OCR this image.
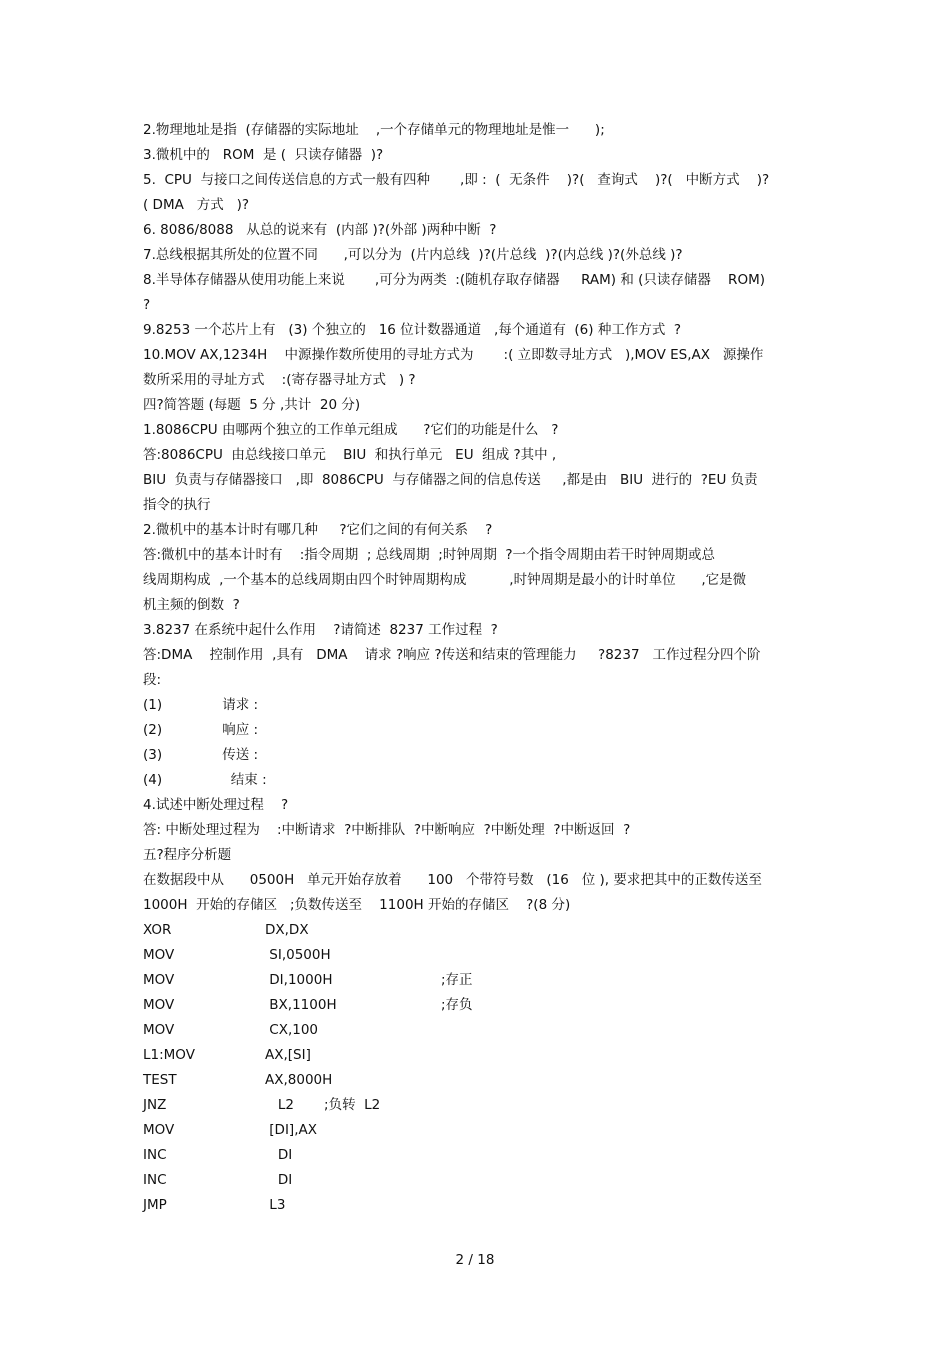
2.物理地址是指  (存储器的实际地址    ,一个存储单元的物理地址是惟一      );
3.微机中的   ROM  是 (  只读存储器  )?
5.  CPU  与接口之间传送信息的方式一般有四种       ,即 :  (  无条件    )?(   查询式    )?(   中断方式    )?
( DMA   方式   )?
6. 8086/8088   从总的说来有  (内部 )?(外部 )两种中断  ?
7.总线根据其所处的位置不同      ,可以分为  (片内总线  )?(片总线  )?(内总线 )?(外总线 )?
8.半导体存储器从使用功能上来说       ,可分为两类  :(随机存取存储器     RAM) 和 (只读存储器    ROM)
?
9.8253 一个芯片上有   (3) 个独立的   16 位计数器通道   ,每个通道有  (6) 种工作方式  ?
10.MOV AX,1234H    中源操作数所使用的寻址方式为       :( 立即数寻址方式   ),MOV ES,AX   源操作
数所采用的寻址方式    :(寄存器寻址方式   ) ?
四?简答题 (每题  5 分 ,共计  20 分)
1.8086CPU 由哪两个独立的工作单元组成      ?它们的功能是什么   ?
答:8086CPU  由总线接口单元    BIU  和执行单元   EU  组成 ?其中 ,
BIU  负责与存储器接口   ,即  8086CPU  与存储器之间的信息传送     ,都是由   BIU  进行的  ?EU 负责
指令的执行
2.微机中的基本计时有哪几种     ?它们之间的有何关系    ?
答:微机中的基本计时有    :指令周期  ; 总线周期  ;时钟周期  ?一个指令周期由若干时钟周期或总
线周期构成  ,一个基本的总线周期由四个时钟周期构成          ,时钟周期是最小的计时单位      ,它是微
机主频的倒数  ?
3.8237 在系统中起什么作用    ?请简述  8237 工作过程  ?
答:DMA    控制作用  ,具有   DMA    请求 ?响应 ?传送和结束的管理能力     ?8237   工作过程分四个阶
段:
(1)              请求 :
(2)              响应 :
(3)              传送 :
(4)                结束 :
4.试述中断处理过程    ?
答: 中断处理过程为    :中断请求  ?中断排队  ?中断响应  ?中断处理  ?中断返回  ?
五?程序分析题
在数据段中从      0500H   单元开始存放着      100   个带符号数   (16   位 ), 要求把其中的正数传送至
1000H  开始的存储区   ;负数传送至    1100H 开始的存储区    ?(8 分)
XOR	DX,DX
MOV	SI,0500H
MOV	DI,1000H	;存正
MOV	BX,1100H	;存负
MOV	CX,100
L1:MOV	AX,[SI]
TEST	AX,8000H
JNZ	L2       ;负转  L2
MOV	[DI],AX
INC	DI
INC	DI
JMP	L3
2 / 18
